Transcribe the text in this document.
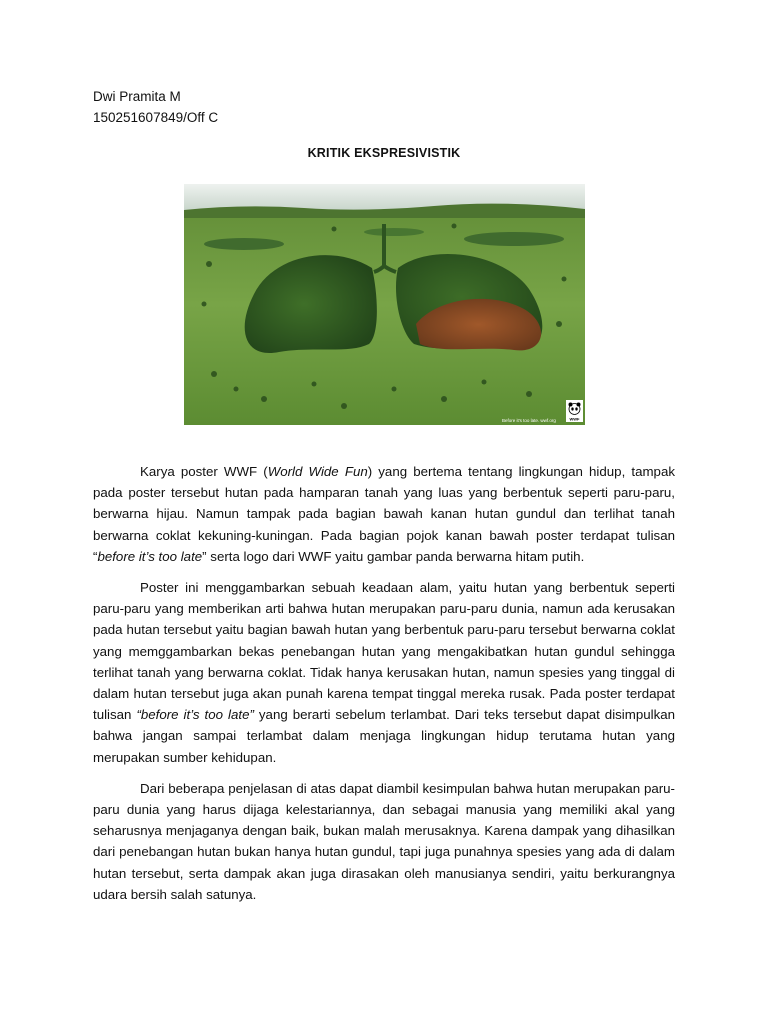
Dwi Pramita M
150251607849/Off C
KRITIK EKSPRESIVISTIK
Before it's too late. wwf.org	WWF

Karya poster WWF (World Wide Fun) yang bertema tentang lingkungan hidup, tampak pada poster tersebut hutan pada hamparan tanah yang luas yang berbentuk seperti paru-paru, berwarna hijau. Namun tampak pada bagian bawah kanan hutan gundul dan terlihat tanah berwarna coklat kekuning-kuningan. Pada bagian pojok kanan bawah poster terdapat tulisan “before it’s too late” serta logo dari WWF yaitu gambar panda berwarna hitam putih.

Poster ini menggambarkan sebuah keadaan alam, yaitu hutan yang berbentuk seperti paru-paru yang memberikan arti bahwa hutan merupakan paru-paru dunia, namun ada kerusakan pada hutan tersebut yaitu bagian bawah hutan yang berbentuk paru-paru tersebut berwarna coklat yang memggambarkan bekas penebangan hutan yang mengakibatkan hutan gundul sehingga terlihat tanah yang berwarna coklat. Tidak hanya kerusakan hutan, namun spesies yang tinggal di dalam hutan tersebut juga akan punah karena tempat tinggal mereka rusak. Pada poster terdapat tulisan “before it’s too late” yang berarti sebelum terlambat. Dari teks tersebut dapat disimpulkan bahwa jangan sampai terlambat dalam menjaga lingkungan hidup terutama hutan yang merupakan sumber kehidupan.

Dari beberapa penjelasan di atas dapat diambil kesimpulan bahwa hutan merupakan paru-paru dunia yang harus dijaga kelestariannya, dan sebagai manusia yang memiliki akal yang seharusnya menjaganya dengan baik, bukan malah merusaknya. Karena dampak yang dihasilkan dari penebangan hutan bukan hanya hutan gundul, tapi juga punahnya spesies yang ada di dalam hutan tersebut, serta dampak akan juga dirasakan oleh manusianya sendiri, yaitu berkurangnya udara bersih salah satunya.
